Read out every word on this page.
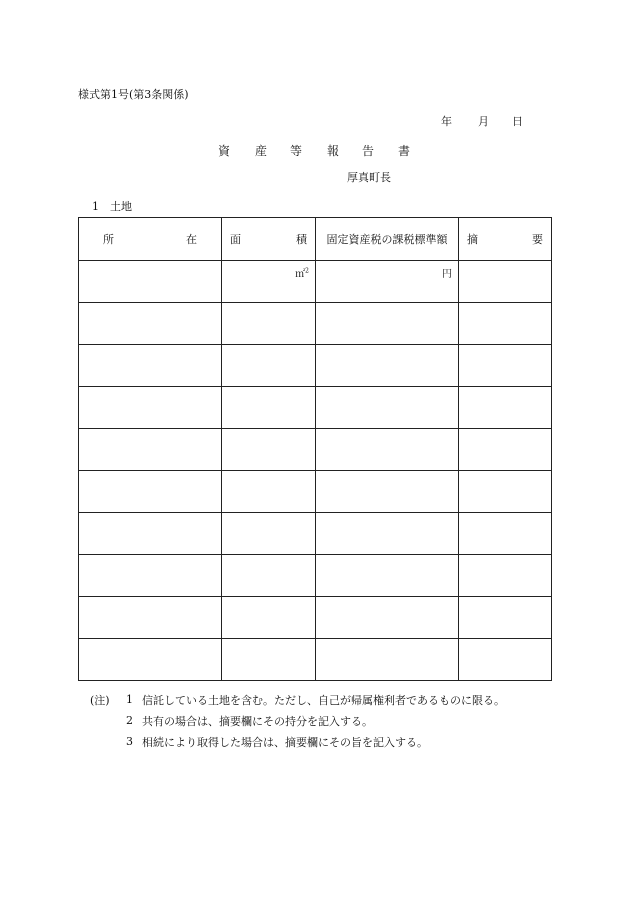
様式第1号(第3条関係)
年 月 日
資 産 等 報 告 書
厚真町長
1 土地
所 在	面 積	固定資産税の課税標準額	摘 要

	㎡$^2$	円	

(注)	1 信託している土地を含む。ただし、自己が帰属権利者であるものに限る。
2 共有の場合は、摘要欄にその持分を記入する。
3 相続により取得した場合は、摘要欄にその旨を記入する。
